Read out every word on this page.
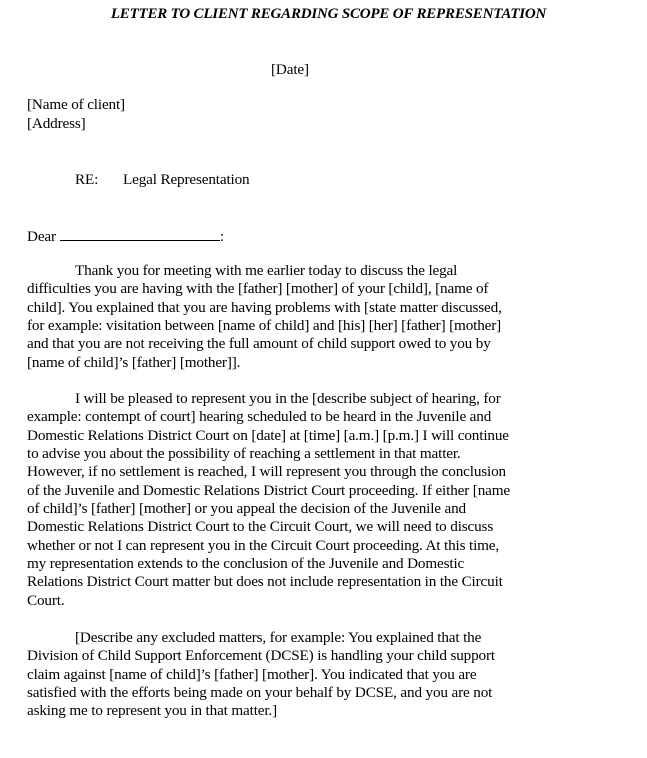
LETTER TO CLIENT REGARDING SCOPE OF REPRESENTATION
[Date]
[Name of client]
[Address]
RE: Legal Representation
Dear	:
Thank you for meeting with me earlier today to discuss the legal
difficulties you are having with the [father] [mother] of your [child], [name of
child]. You explained that you are having problems with [state matter discussed,
for example: visitation between [name of child] and [his] [her] [father] [mother]
and that you are not receiving the full amount of child support owed to you by
[name of child]’s [father] [mother]].
I will be pleased to represent you in the [describe subject of hearing, for
example: contempt of court] hearing scheduled to be heard in the Juvenile and
Domestic Relations District Court on [date] at [time] [a.m.] [p.m.] I will continue
to advise you about the possibility of reaching a settlement in that matter.
However, if no settlement is reached, I will represent you through the conclusion
of the Juvenile and Domestic Relations District Court proceeding. If either [name
of child]’s [father] [mother] or you appeal the decision of the Juvenile and
Domestic Relations District Court to the Circuit Court, we will need to discuss
whether or not I can represent you in the Circuit Court proceeding. At this time,
my representation extends to the conclusion of the Juvenile and Domestic
Relations District Court matter but does not include representation in the Circuit
Court.
[Describe any excluded matters, for example: You explained that the
Division of Child Support Enforcement (DCSE) is handling your child support
claim against [name of child]’s [father] [mother]. You indicated that you are
satisfied with the efforts being made on your behalf by DCSE, and you are not
asking me to represent you in that matter.]
